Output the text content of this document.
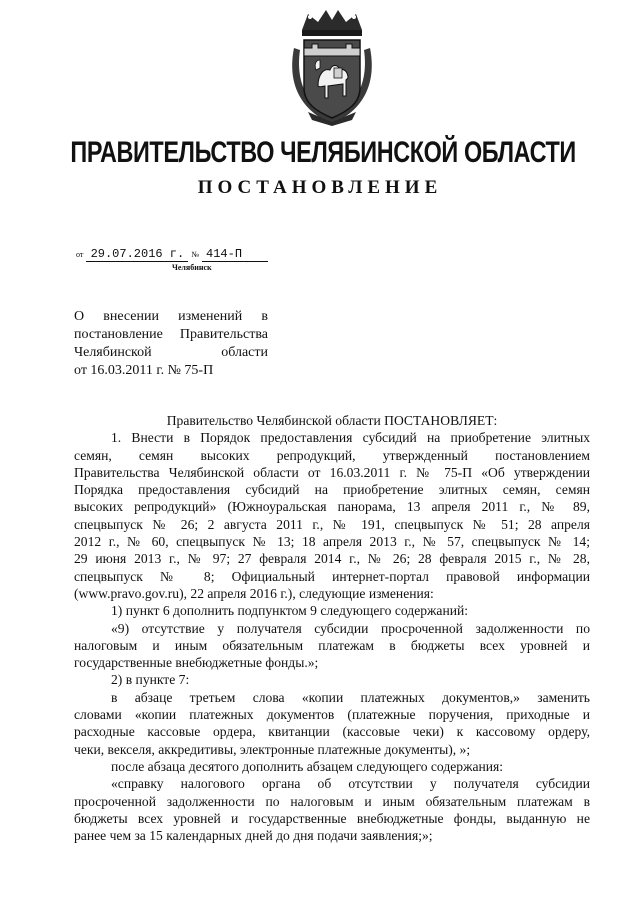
ПРАВИТЕЛЬСТВО ЧЕЛЯБИНСКОЙ ОБЛАСТИ
ПОСТАНОВЛЕНИЕ
от 29.07.2016 г. № 414-П
Челябинск
О внесении изменений в
постановление Правительства
Челябинской области
от 16.03.2011 г. № 75-П
Правительство Челябинской области ПОСТАНОВЛЯЕТ:
1. Внести в Порядок предоставления субсидий на приобретение элитных
семян, семян высоких репродукций, утвержденный постановлением
Правительства Челябинской области от 16.03.2011 г. № 75-П «Об утверждении
Порядка предоставления субсидий на приобретение элитных семян, семян
высоких репродукций» (Южноуральская панорама, 13 апреля 2011 г., № 89,
спецвыпуск № 26; 2 августа 2011 г., № 191, спецвыпуск № 51; 28 апреля
2012 г., № 60, спецвыпуск № 13; 18 апреля 2013 г., № 57, спецвыпуск № 14;
29 июня 2013 г., № 97; 27 февраля 2014 г., № 26; 28 февраля 2015 г., № 28,
спецвыпуск № 8; Официальный интернет-портал правовой информации
(www.pravo.gov.ru), 22 апреля 2016 г.), следующие изменения:
1) пункт 6 дополнить подпунктом 9 следующего содержаний:
«9) отсутствие у получателя субсидии просроченной задолженности по
налоговым и иным обязательным платежам в бюджеты всех уровней и
государственные внебюджетные фонды.»;
2) в пункте 7:
в абзаце третьем слова «копии платежных документов,» заменить
словами «копии платежных документов (платежные поручения, приходные и
расходные кассовые ордера, квитанции (кассовые чеки) к кассовому ордеру,
чеки, векселя, аккредитивы, электронные платежные документы), »;
после абзаца десятого дополнить абзацем следующего содержания:
«справку налогового органа об отсутствии у получателя субсидии
просроченной задолженности по налоговым и иным обязательным платежам в
бюджеты всех уровней и государственные внебюджетные фонды, выданную не
ранее чем за 15 календарных дней до дня подачи заявления;»;
